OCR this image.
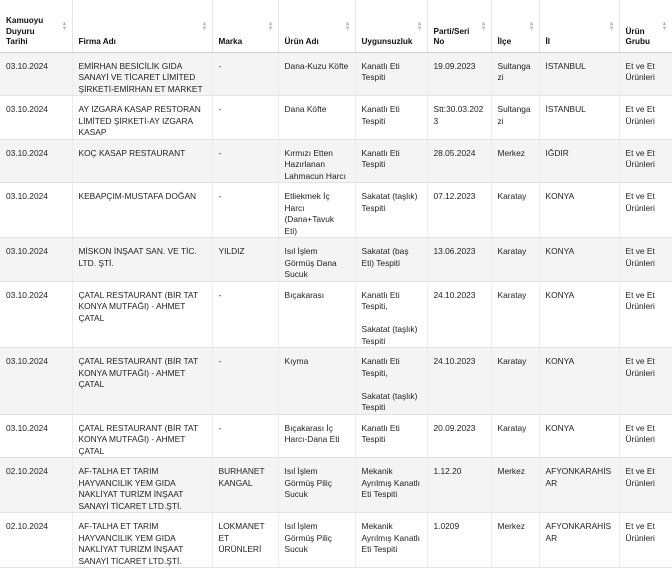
Kamuoyu Duyuru Tarihi
▲
▼	Firma Adı
▲
▼	Marka
▲
▼	Ürün Adı
▲
▼	Uygunsuzluk
▲
▼	Parti/Seri No
▲
▼	İlçe
▲
▼	İl
▲
▼	Ürün Grubu
▲
▼

03.10.2024	EMİRHAN BESİCİLİK GIDA SANAYİ VE TİCARET LİMİTED ŞİRKETİ-EMİRHAN ET MARKET	-	Dana-Kuzu Köfte	Kanatlı Eti Tespiti	19.09.2023	Sultangazi	İSTANBUL	Et ve Et Ürünleri
03.10.2024	AY IZGARA KASAP RESTORAN LİMİTED ŞİRKETİ-AY IZGARA KASAP	-	Dana Köfte	Kanatlı Eti Tespiti	Stt:30.03.2023	Sultangazi	İSTANBUL	Et ve Et Ürünleri
03.10.2024	KOÇ KASAP RESTAURANT	-	Kırmızı Etten Hazırlanan Lahmacun Harcı	Kanatlı Eti Tespiti	28.05.2024	Merkez	IĞDIR	Et ve Et Ürünleri
03.10.2024	KEBAPÇIM-MUSTAFA DOĞAN	-	Etliekmek İç Harcı (Dana+Tavuk Eti)	Sakatat (taşlık) Tespiti	07.12.2023	Karatay	KONYA	Et ve Et Ürünleri
03.10.2024	MİSKON İNŞAAT SAN. VE TİC. LTD. ŞTİ.	YILDIZ	Isıl İşlem Görmüş Dana Sucuk	Sakatat (baş Eti) Tespiti	13.06.2023	Karatay	KONYA	Et ve Et Ürünleri
03.10.2024	ÇATAL RESTAURANT (BİR TAT KONYA MUTFAĞI) - AHMET ÇATAL	-	Bıçakarası	Kanatlı Eti Tespiti,
Sakatat (taşlık) Tespiti	24.10.2023	Karatay	KONYA	Et ve Et Ürünleri
03.10.2024	ÇATAL RESTAURANT (BİR TAT KONYA MUTFAĞI) - AHMET ÇATAL	-	Kıyma	Kanatlı Eti Tespiti,
Sakatat (taşlık) Tespiti	24.10.2023	Karatay	KONYA	Et ve Et Ürünleri
03.10.2024	ÇATAL RESTAURANT (BİR TAT KONYA MUTFAĞI) - AHMET ÇATAL	-	Bıçakarası İç Harcı-Dana Eti	Kanatlı Eti Tespiti	20.09.2023	Karatay	KONYA	Et ve Et Ürünleri
02.10.2024	AF-TALHA ET TARIM HAYVANCILIK YEM GIDA NAKLİYAT TURİZM İNŞAAT SANAYİ TİCARET LTD.ŞTİ.	BURHANET KANGAL	Isıl İşlem Görmüş Piliç Sucuk	Mekanik Ayrılmış Kanatlı Eti Tespiti	1.12.20	Merkez	AFYONKARAHİSAR	Et ve Et Ürünleri
02.10.2024	AF-TALHA ET TARIM HAYVANCILIK YEM GIDA NAKLİYAT TURİZM İNŞAAT SANAYİ TİCARET LTD.ŞTİ.	LOKMANET ET ÜRÜNLERİ	Isıl İşlem Görmüş Piliç Sucuk	Mekanik Ayrılmış Kanatlı Eti Tespiti	1.0209	Merkez	AFYONKARAHİSAR	Et ve Et Ürünleri
